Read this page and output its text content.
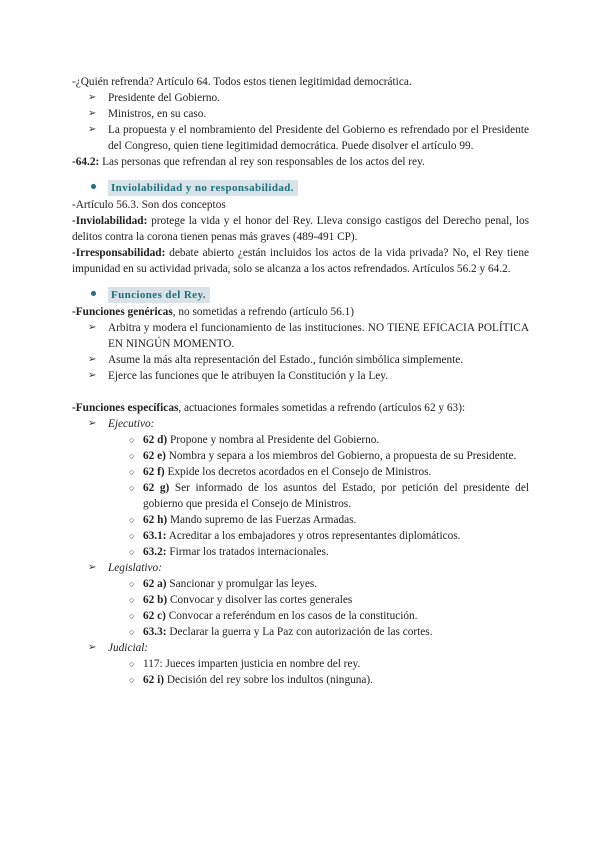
-¿Quién refrenda? Artículo 64. Todos estos tienen legitimidad democrática.

➢ Presidente del Gobierno.

➢ Ministros, en su caso.

➢ La propuesta y el nombramiento del Presidente del Gobierno es refrendado por el Presidente del Congreso, quien tiene legitimidad democrática. Puede disolver el artículo 99.

-64.2: Las personas que refrendan al rey son responsables de los actos del rey.

Inviolabilidad y no responsabilidad.

-Artículo 56.3. Son dos conceptos

-Inviolabilidad: protege la vida y el honor del Rey. Lleva consigo castigos del Derecho penal, los delitos contra la corona tienen penas más graves (489-491 CP).

-Irresponsabilidad: debate abierto ¿están incluidos los actos de la vida privada? No, el Rey tiene impunidad en su actividad privada, solo se alcanza a los actos refrendados. Artículos 56.2 y 64.2.

Funciones del Rey.

-Funciones genéricas, no sometidas a refrendo (artículo 56.1)

➢ Arbitra y modera el funcionamiento de las instituciones. NO TIENE EFICACIA POLÍTICA EN NINGÚN MOMENTO.

➢ Asume la más alta representación del Estado., función simbólica simplemente.

➢ Ejerce las funciones que le atribuyen la Constitución y la Ley.

-Funciones específicas, actuaciones formales sometidas a refrendo (artículos 62 y 63):

➢ Ejecutivo:

○ 62 d) Propone y nombra al Presidente del Gobierno.

○ 62 e) Nombra y separa a los miembros del Gobierno, a propuesta de su Presidente.

○ 62 f) Expide los decretos acordados en el Consejo de Ministros.

○ 62 g) Ser informado de los asuntos del Estado, por petición del presidente del gobierno que presida el Consejo de Ministros.

○ 62 h) Mando supremo de las Fuerzas Armadas.

○ 63.1: Acreditar a los embajadores y otros representantes diplomáticos.

○ 63.2: Firmar los tratados internacionales.

➢ Legislativo:

○ 62 a) Sancionar y promulgar las leyes.

○ 62 b) Convocar y disolver las cortes generales

○ 62 c) Convocar a referéndum en los casos de la constitución.

○ 63.3: Declarar la guerra y La Paz con autorización de las cortes.

➢ Judicial:

○ 117: Jueces imparten justicia en nombre del rey.

○ 62 i) Decisión del rey sobre los indultos (ninguna).
